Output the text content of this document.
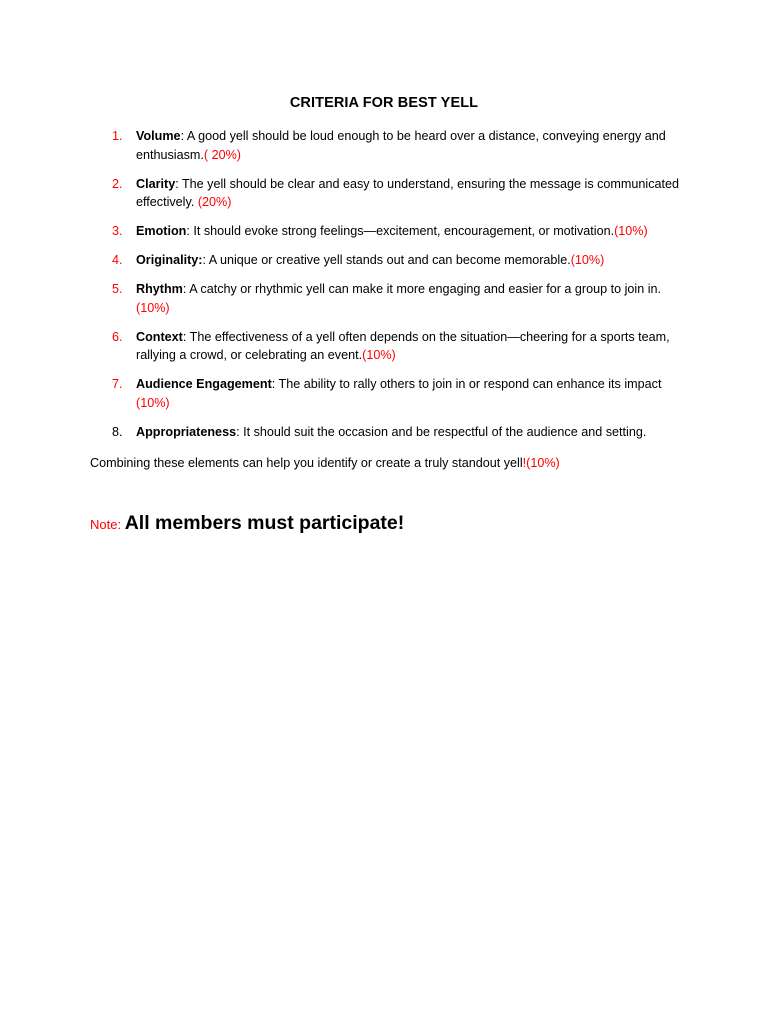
CRITERIA FOR BEST YELL
1.	Volume: A good yell should be loud enough to be heard over a distance, conveying energy and enthusiasm.( 20%)
2.	Clarity: The yell should be clear and easy to understand, ensuring the message is communicated effectively. (20%)
3.	Emotion: It should evoke strong feelings—excitement, encouragement, or motivation.(10%)
4.	Originality:: A unique or creative yell stands out and can become memorable.(10%)
5.	Rhythm: A catchy or rhythmic yell can make it more engaging and easier for a group to join in. (10%)
6.	Context: The effectiveness of a yell often depends on the situation—cheering for a sports team, rallying a crowd, or celebrating an event.(10%)
7.	Audience Engagement: The ability to rally others to join in or respond can enhance its impact (10%)
8.	Appropriateness: It should suit the occasion and be respectful of the audience and setting.

Combining these elements can help you identify or create a truly standout yell!(10%)

Note: All members must participate!
